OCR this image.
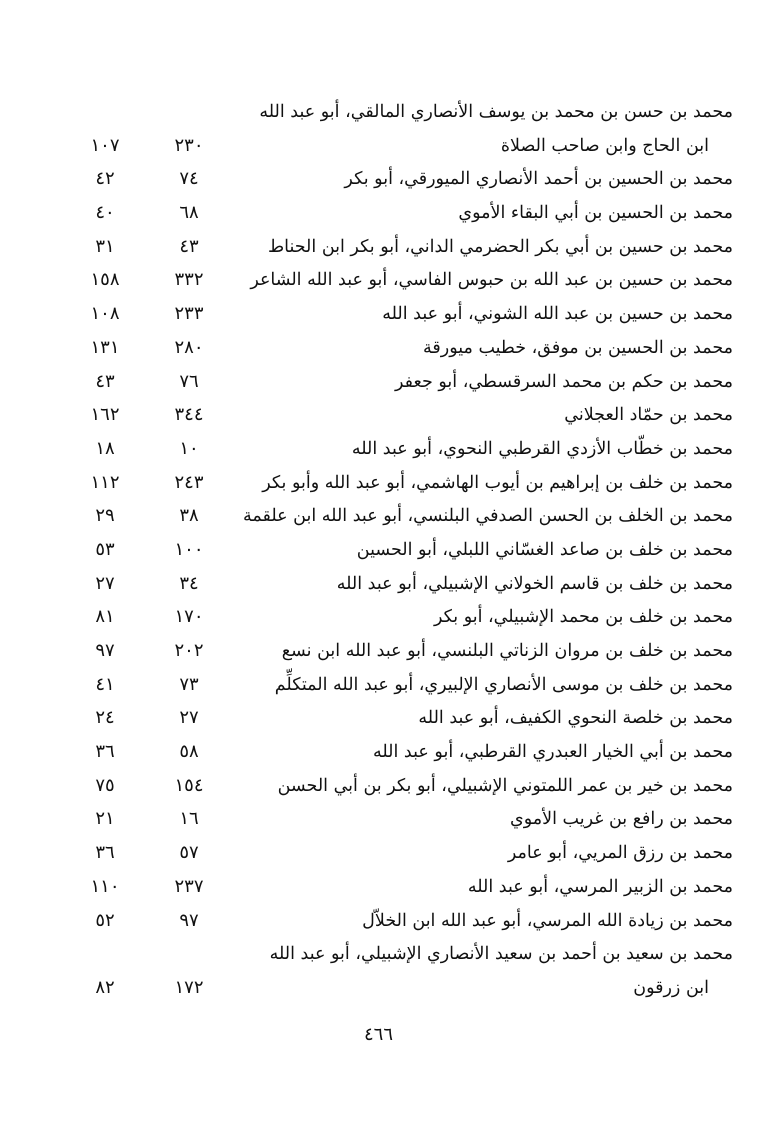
محمد بن حسن بن محمد بن يوسف الأنصاري المالقي، أبو عبد الله
ابن الحاج وابن صاحب الصلاة
٢٣٠
١٠٧
محمد بن الحسين بن أحمد الأنصاري الميورقي، أبو بكر
٧٤
٤٢
محمد بن الحسين بن أبي البقاء الأموي
٦٨
٤٠
محمد بن حسين بن أبي بكر الحضرمي الداني، أبو بكر ابن الحناط
٤٣
٣١
محمد بن حسين بن عبد الله بن حبوس الفاسي، أبو عبد الله الشاعر
٣٣٢
١٥٨
محمد بن حسين بن عبد الله الشوني، أبو عبد الله
٢٣٣
١٠٨
محمد بن الحسين بن موفق، خطيب ميورقة
٢٨٠
١٣١
محمد بن حكم بن محمد السرقسطي، أبو جعفر
٧٦
٤٣
محمد بن حمّاد العجلاني
٣٤٤
١٦٢
محمد بن خطّاب الأزدي القرطبي النحوي، أبو عبد الله
١٠
١٨
محمد بن خلف بن إبراهيم بن أيوب الهاشمي، أبو عبد الله وأبو بكر
٢٤٣
١١٢
محمد بن الخلف بن الحسن الصدفي البلنسي، أبو عبد الله ابن علقمة
٣٨
٢٩
محمد بن خلف بن صاعد الغسّاني اللبلي، أبو الحسين
١٠٠
٥٣
محمد بن خلف بن قاسم الخولاني الإشبيلي، أبو عبد الله
٣٤
٢٧
محمد بن خلف بن محمد الإشبيلي، أبو بكر
١٧٠
٨١
محمد بن خلف بن مروان الزناتي البلنسي، أبو عبد الله ابن نسع
٢٠٢
٩٧
محمد بن خلف بن موسى الأنصاري الإلبيري، أبو عبد الله المتكلِّم
٧٣
٤١
محمد بن خلصة النحوي الكفيف، أبو عبد الله
٢٧
٢٤
محمد بن أبي الخيار العبدري القرطبي، أبو عبد الله
٥٨
٣٦
محمد بن خير بن عمر اللمتوني الإشبيلي، أبو بكر بن أبي الحسن
١٥٤
٧٥
محمد بن رافع بن غريب الأموي
١٦
٢١
محمد بن رزق المريي، أبو عامر
٥٧
٣٦
محمد بن الزبير المرسي، أبو عبد الله
٢٣٧
١١٠
محمد بن زيادة الله المرسي، أبو عبد الله ابن الخلاّل
٩٧
٥٢
محمد بن سعيد بن أحمد بن سعيد الأنصاري الإشبيلي، أبو عبد الله
ابن زرقون
١٧٢
٨٢
٤٦٦
